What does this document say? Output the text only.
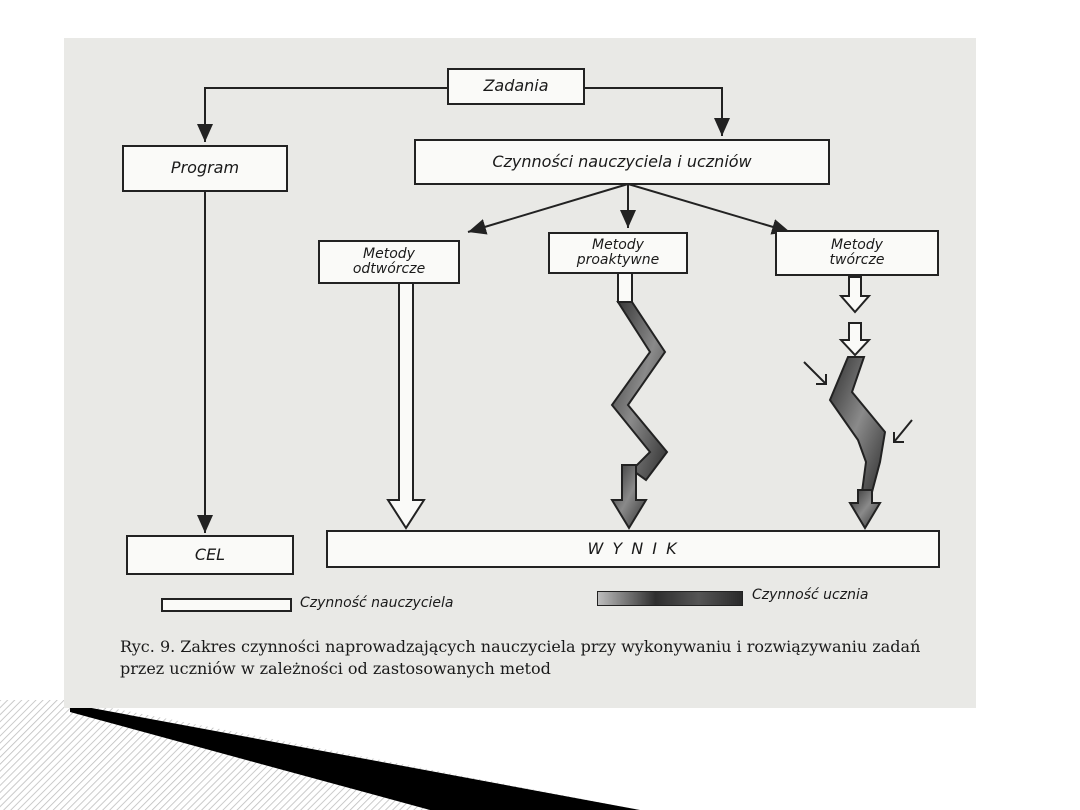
Zadania
Program	Czynności nauczyciela i uczniów
Metody
odtwórcze
Metody
proaktywne
Metody
twórcze
CEL	W Y N I K
Czynność nauczyciela	Czynność ucznia
Ryc. 9. Zakres czynności naprowadzających nauczyciela przy wykonywaniu i rozwiązywaniu zadań przez uczniów w zależności od zastosowanych metod
